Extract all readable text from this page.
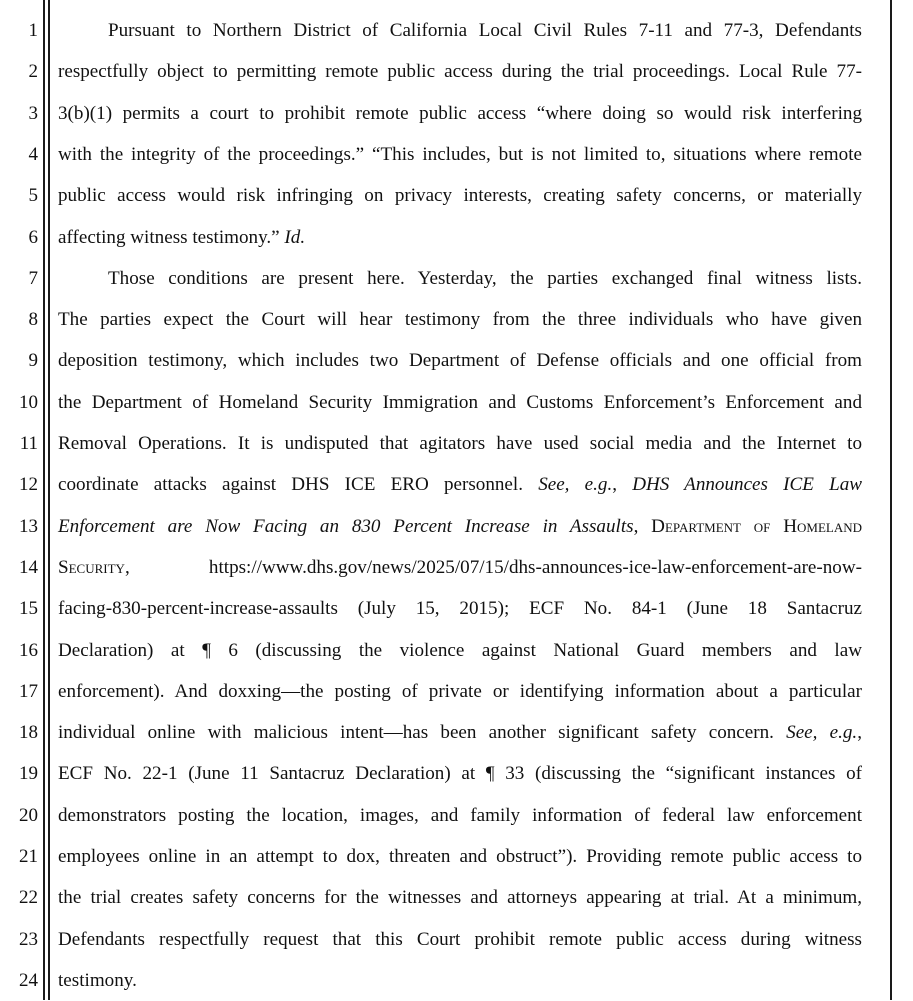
1
2
3
4
5
6
7
8
9
10
11
12
13
14
15
16
17
18
19
20
21
22
23
24
Pursuant to Northern District of California Local Civil Rules 7-11 and 77-3, Defendants
respectfully object to permitting remote public access during the trial proceedings. Local Rule 77-
3(b)(1) permits a court to prohibit remote public access “where doing so would risk interfering
with the integrity of the proceedings.” “This includes, but is not limited to, situations where remote
public access would risk infringing on privacy interests, creating safety concerns, or materially
affecting witness testimony.” Id.
Those conditions are present here. Yesterday, the parties exchanged final witness lists.
The parties expect the Court will hear testimony from the three individuals who have given
deposition testimony, which includes two Department of Defense officials and one official from
the Department of Homeland Security Immigration and Customs Enforcement’s Enforcement and
Removal Operations. It is undisputed that agitators have used social media and the Internet to
coordinate attacks against DHS ICE ERO personnel. See, e.g., DHS Announces ICE Law
Enforcement are Now Facing an 830 Percent Increase in Assaults, Department of Homeland
Security, https://www.dhs.gov/news/2025/07/15/dhs-announces-ice-law-enforcement-are-now-
facing-830-percent-increase-assaults (July 15, 2015); ECF No. 84-1 (June 18 Santacruz
Declaration) at ¶ 6 (discussing the violence against National Guard members and law
enforcement). And doxxing—the posting of private or identifying information about a particular
individual online with malicious intent—has been another significant safety concern. See, e.g.,
ECF No. 22-1 (June 11 Santacruz Declaration) at ¶ 33 (discussing the “significant instances of
demonstrators posting the location, images, and family information of federal law enforcement
employees online in an attempt to dox, threaten and obstruct”). Providing remote public access to
the trial creates safety concerns for the witnesses and attorneys appearing at trial. At a minimum,
Defendants respectfully request that this Court prohibit remote public access during witness
testimony.
